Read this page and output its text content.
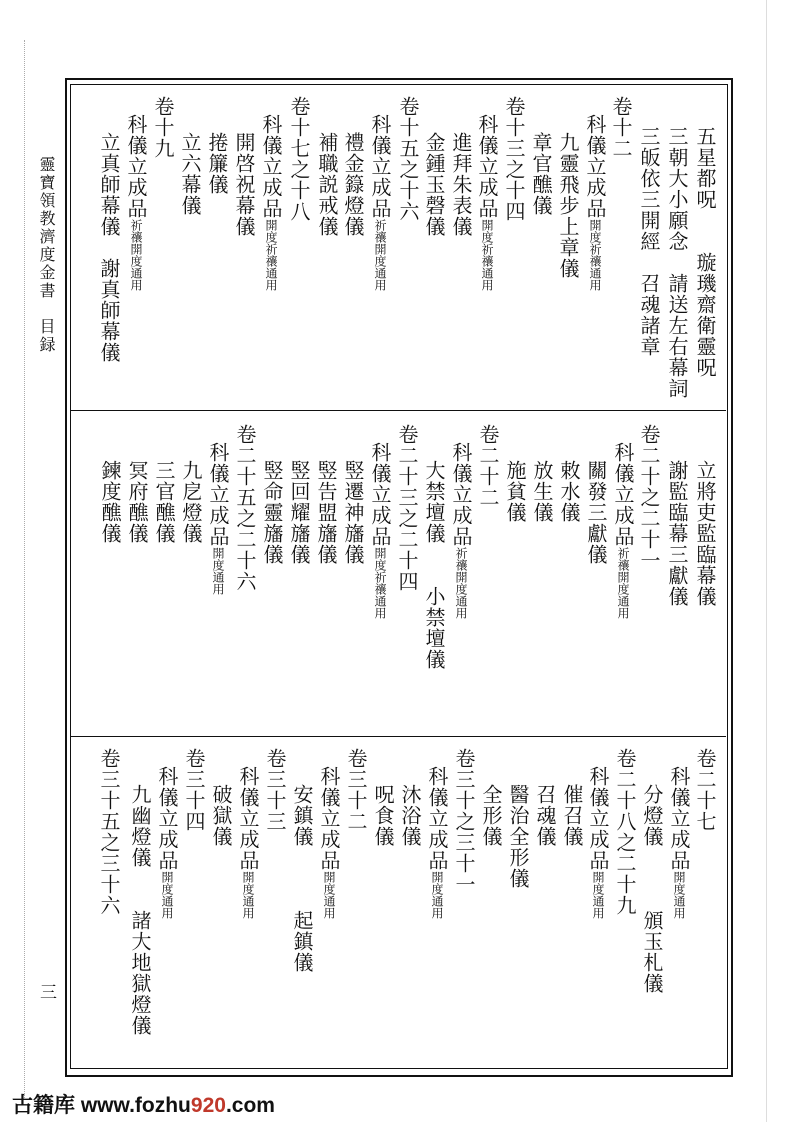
靈寶領教濟度金書　目録
三
五星都呪　　璇璣齋衛靈呪
三朝大小願念　請送左右幕詞
三皈依三開經　召魂諸章
卷十二
科儀立成品開度祈禳通用
九靈飛步上章儀
章官醮儀
卷十三之十四
科儀立成品開度祈禳通用
進拜朱表儀
金鍾玉磬儀
卷十五之十六
科儀立成品祈禳開度通用
禮金籙燈儀
補職説戒儀
卷十七之十八
科儀立成品開度祈禳通用
開啓祝幕儀
捲簾儀
立六幕儀
卷十九
科儀立成品祈禳開度通用
立真師幕儀　謝真師幕儀
立將吏監臨幕儀
謝監臨幕三獻儀
卷二十之二十一
科儀立成品祈禳開度通用
關發三獻儀
敕水儀
放生儀
施貧儀
卷二十二
科儀立成品祈禳開度通用
大禁壇儀　　小禁壇儀
卷二十三之二十四
科儀立成品開度祈禳通用
竪遷神旛儀
竪告盟旛儀
竪回耀旛儀
竪命靈旛儀
卷二十五之二十六
科儀立成品開度通用
九戹燈儀
三官醮儀
冥府醮儀
鍊度醮儀
卷二十七
科儀立成品開度通用
分燈儀　　　頒玉札儀
卷二十八之二十九
科儀立成品開度通用
催召儀
召魂儀
醫治全形儀
全形儀
卷三十之三十一
科儀立成品開度通用
沐浴儀
呪食儀
卷三十二
科儀立成品開度通用
安鎮儀　　　起鎮儀
卷三十三
科儀立成品開度通用
破獄儀
卷三十四
科儀立成品開度通用
九幽燈儀　　諸大地獄燈儀
卷三十五之三十六
古籍库 www.fozhu920.com
